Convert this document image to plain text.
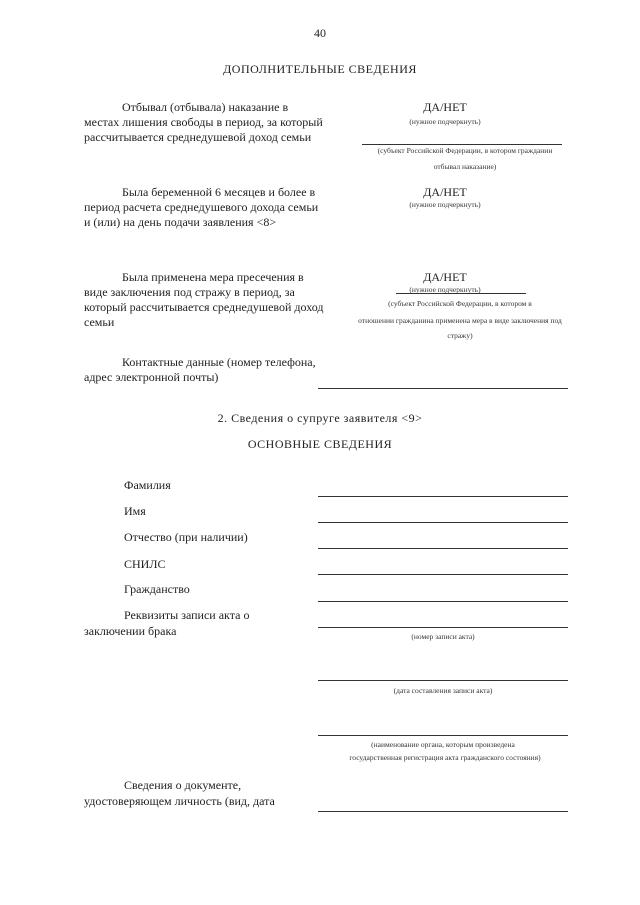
40
ДОПОЛНИТЕЛЬНЫЕ СВЕДЕНИЯ
Отбывал (отбывала) наказание в местах лишения свободы в период, за который рассчитывается среднедушевой доход семьи
ДА/НЕТ
(нужное подчеркнуть)
(субъект Российской Федерации, в котором гражданин
отбывал наказание)
Была беременной 6 месяцев и более в период расчета среднедушевого дохода семьи и (или) на день подачи заявления <8>
ДА/НЕТ
(нужное подчеркнуть)
Была применена мера пресечения в виде заключения под стражу в период, за который рассчитывается среднедушевой доход семьи
ДА/НЕТ
(нужное подчеркнуть)
(субъект Российской Федерации, в котором в
отношении гражданина применена мера в виде заключения под
стражу)
Контактные данные (номер телефона, адрес электронной почты)
2. Сведения о супруге заявителя <9>
ОСНОВНЫЕ СВЕДЕНИЯ
Фамилия
Имя
Отчество (при наличии)
СНИЛС
Гражданство
Реквизиты записи акта о
заключении брака	(номер записи акта)
(дата составления записи акта)
(наименование органа, которым произведена
государственная регистрация акта гражданского состояния)
Сведения о документе,
удостоверяющем личность (вид, дата
